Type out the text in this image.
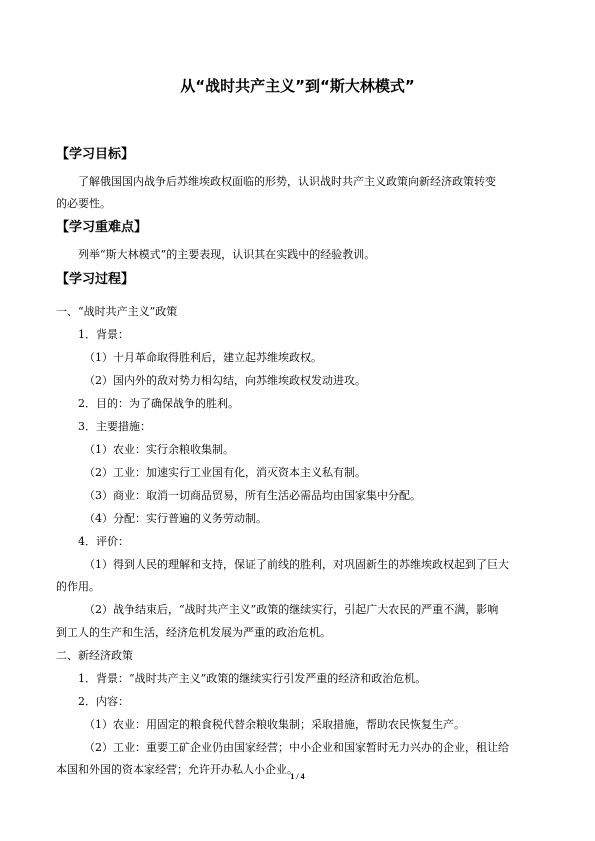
从“战时共产主义”到“斯大林模式”
【学习目标】
了解俄国国内战争后苏维埃政权面临的形势，认识战时共产主义政策向新经济政策转变
的必要性。
【学习重难点】
列举“斯大林模式”的主要表现，认识其在实践中的经验教训。
【学习过程】
一、“战时共产主义”政策
1．背景：
（1）十月革命取得胜利后，建立起苏维埃政权。
（2）国内外的敌对势力相勾结，向苏维埃政权发动进攻。
2．目的：为了确保战争的胜利。
3．主要措施：
（1）农业：实行余粮收集制。
（2）工业：加速实行工业国有化，消灭资本主义私有制。
（3）商业：取消一切商品贸易，所有生活必需品均由国家集中分配。
（4）分配：实行普遍的义务劳动制。
4．评价：
（1）得到人民的理解和支持，保证了前线的胜利，对巩固新生的苏维埃政权起到了巨大
的作用。
（2）战争结束后，“战时共产主义”政策的继续实行，引起广大农民的严重不满，影响
到工人的生产和生活，经济危机发展为严重的政治危机。
二、新经济政策
1．背景：“战时共产主义”政策的继续实行引发严重的经济和政治危机。
2．内容：
（1）农业：用固定的粮食税代替余粮收集制；采取措施，帮助农民恢复生产。
（2）工业：重要工矿企业仍由国家经营；中小企业和国家暂时无力兴办的企业，租让给
本国和外国的资本家经营；允许开办私人小企业。
1 / 4
